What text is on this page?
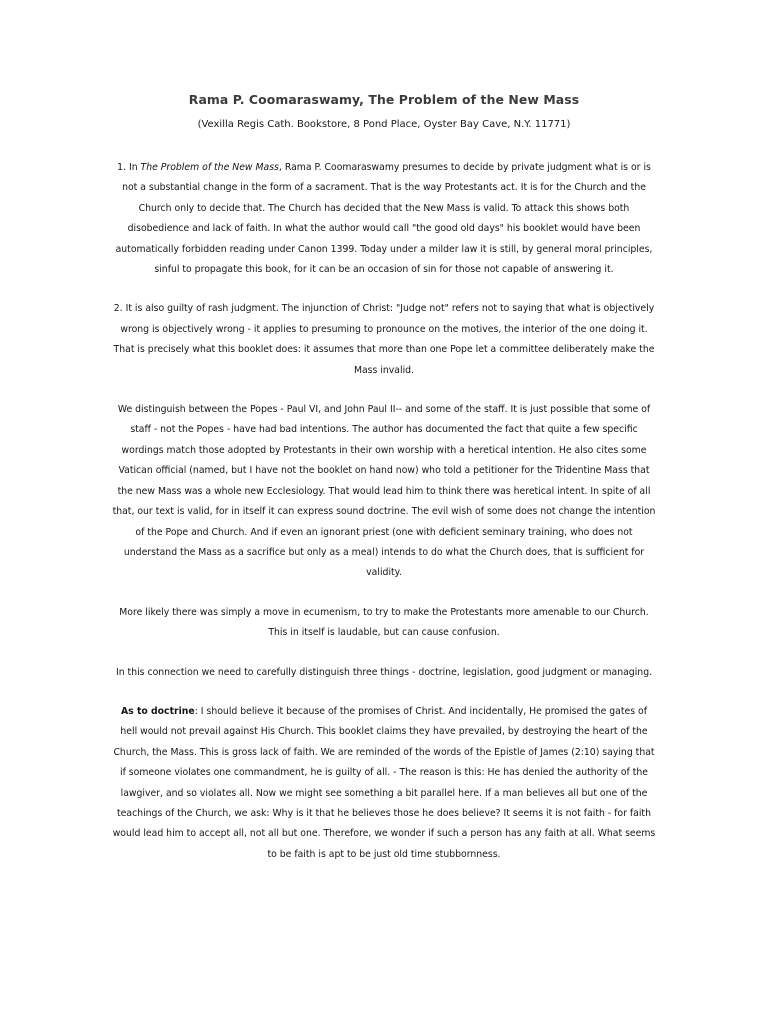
Rama P. Coomaraswamy, The Problem of the New Mass
(Vexilla Regis Cath. Bookstore, 8 Pond Place, Oyster Bay Cave, N.Y. 11771)

1. In The Problem of the New Mass, Rama P. Coomaraswamy presumes to decide by private judgment what is or is not a substantial change in the form of a sacrament. That is the way Protestants act. It is for the Church and the Church only to decide that. The Church has decided that the New Mass is valid. To attack this shows both disobedience and lack of faith. In what the author would call "the good old days" his booklet would have been automatically forbidden reading under Canon 1399. Today under a milder law it is still, by general moral principles, sinful to propagate this book, for it can be an occasion of sin for those not capable of answering it.

2. It is also guilty of rash judgment. The injunction of Christ: "Judge not" refers not to saying that what is objectively wrong is objectively wrong - it applies to presuming to pronounce on the motives, the interior of the one doing it. That is precisely what this booklet does: it assumes that more than one Pope let a committee deliberately make the Mass invalid.

We distinguish between the Popes - Paul VI, and John Paul II-- and some of the staff. It is just possible that some of staff - not the Popes - have had bad intentions. The author has documented the fact that quite a few specific wordings match those adopted by Protestants in their own worship with a heretical intention. He also cites some Vatican official (named, but I have not the booklet on hand now) who told a petitioner for the Tridentine Mass that the new Mass was a whole new Ecclesiology. That would lead him to think there was heretical intent. In spite of all that, our text is valid, for in itself it can express sound doctrine. The evil wish of some does not change the intention of the Pope and Church. And if even an ignorant priest (one with deficient seminary training, who does not understand the Mass as a sacrifice but only as a meal) intends to do what the Church does, that is sufficient for validity.

More likely there was simply a move in ecumenism, to try to make the Protestants more amenable to our Church. This in itself is laudable, but can cause confusion.

In this connection we need to carefully distinguish three things - doctrine, legislation, good judgment or managing.

As to doctrine: I should believe it because of the promises of Christ. And incidentally, He promised the gates of hell would not prevail against His Church. This booklet claims they have prevailed, by destroying the heart of the Church, the Mass. This is gross lack of faith. We are reminded of the words of the Epistle of James (2:10) saying that if someone violates one commandment, he is guilty of all. - The reason is this: He has denied the authority of the lawgiver, and so violates all. Now we might see something a bit parallel here. If a man believes all but one of the teachings of the Church, we ask: Why is it that he believes those he does believe? It seems it is not faith - for faith would lead him to accept all, not all but one. Therefore, we wonder if such a person has any faith at all. What seems to be faith is apt to be just old time stubbornness.
